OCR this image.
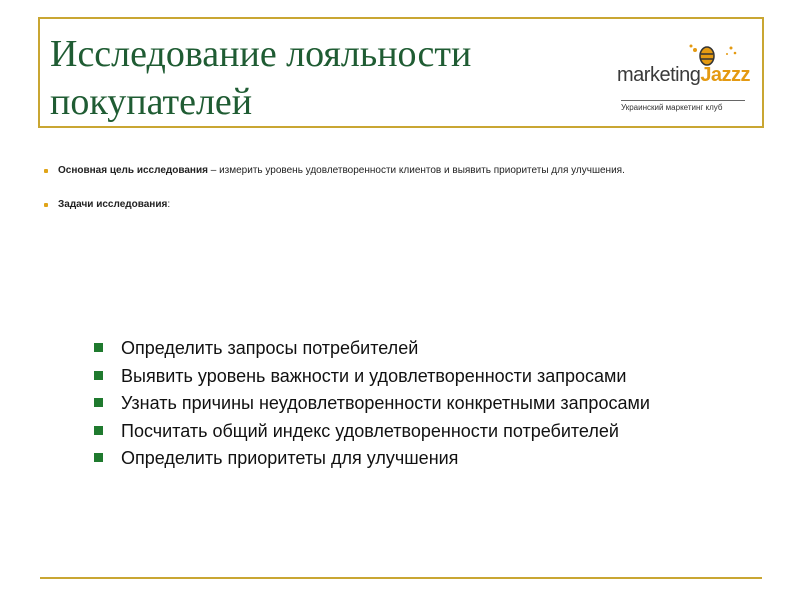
Исследование лояльности
покупателей
marketingJazzz
Украинский маркетинг клуб
Основная цель исследования – измерить уровень удовлетворенности клиентов и выявить приоритеты для улучшения.
Задачи исследования:
Определить запросы потребителей
Выявить уровень важности и удовлетворенности запросами
Узнать причины неудовлетворенности конкретными запросами
Посчитать общий индекс удовлетворенности потребителей
Определить приоритеты для улучшения
